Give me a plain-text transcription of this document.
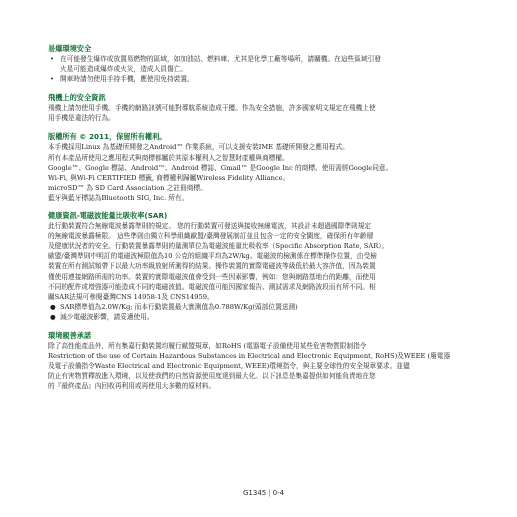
易爆環境安全
• 在可能發生爆炸或放置易燃物的區域，如加油站、燃料庫、尤其是化學工廠等場所，請關機。在這些區域引發
火星可能造成爆炸或火災，造成人員傷亡。
• 開車時請勿使用手持手機，應使用免持裝置。
飛機上的安全資訊

飛機上請勿使用手機。手機的網路訊號可能對導航系統造成干擾。作為安全措施，許多國家明文規定在飛機上使

用手機是違法的行為。

版權所有 © 2011，保留所有權利。

本手機採用Linux 為基礎所開發之Android™ 作業系統，可以支援安裝IME 基礎所開發之應用程式。

所有本產品所使用之應用程式與商標都屬於其原本權利人之智慧財產權與商標權。

Google™、Google 標誌、Android™、Android 標誌、Gmail™ 是Google Inc 的商標。使用需經Google同意。

Wi-Fi, 與Wi-Fi CERTIFIED 標籤, 商標權利歸屬Wireless Fidelity Alliance。

microSD™ 為 SD Card Association 之註冊商標。

藍牙與藍牙標誌為Bluetooth SIG, Inc. 所有。

健康資訊-電磁波能量比吸收率(SAR)

此行動裝置符合無線電波暴露準則的規定。 您的行動裝置可發送與接收無線電波，其設計未超過國際準則規定

的無線電波暴露極限。 這些準則由獨立科學組織歐盟/臺灣發展制訂並且包含一定的安全閾度，確保所有年齡層

及健康狀況者的安全。行動裝置暴露準則的量測單位為電磁波能量比吸收率（Specific Absorption Rate, SAR）。

歐盟/臺灣準則中明訂的電磁波極限值為10 公克的組織平均為2W/kg。電磁波的檢測係在標準操作位置，由受檢

裝置在所有測試頻帶下以最大功率級放射所測得的結果。操作裝置的實際電磁波等級低於最大容許值，因為裝置

僅使用連接網路所需的功率。裝置的實際電磁波值會受到一些因素影響，例如：您與網路基地台的距離，而使用

不同的配件或增強器可能造成不同的電磁波值。電磁波值可能因國家報告、測試需求及網路波段而有所不同。相

關SAR法規可參閱臺灣CNS 14958-1及 CNS14959。

● SAR標準值為2.0W/Kg; 而本行動裝置最大實測值為0.788W/Kg(頭部位置送測)
● 減少電磁波影響，請妥適使用。
環境親善承諾

除了高性能產品外，所有集嘉行動裝置均履行歐盟規章，如RoHS (電器電子設備使用某些危害物質限制指令

Restriction of the use of Certain Hazardous Substances in Electrical and Electronic Equipment, RoHS)及WEEE (廢電器

及電子設備指令Waste Electrical and Electronic Equipment, WEEE)環境指令，與主要全球性的安全規章要求。並儘

防止有害物質釋放進入環境，以及使我們的自然資源使用度達到最大化。以下訊息是集嘉提供如何能負責地在您

的『最終產品』內回收再利用或再使用大多數的原材料。

G1345 | 0-4
